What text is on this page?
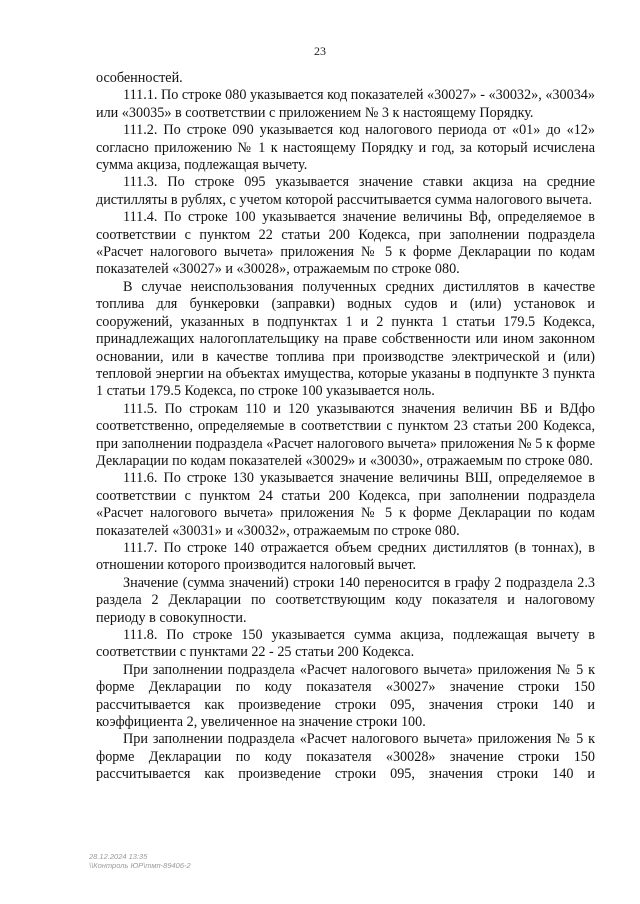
23

особенностей.

111.1. По строке 080 указывается код показателей «30027» - «30032», «30034» или «30035» в соответствии с приложением № 3 к настоящему Порядку.

111.2. По строке 090 указывается код налогового периода от «01» до «12» согласно приложению № 1 к настоящему Порядку и год, за который исчислена сумма акциза, подлежащая вычету.

111.3. По строке 095 указывается значение ставки акциза на средние дистилляты в рублях, с учетом которой рассчитывается сумма налогового вычета.

111.4. По строке 100 указывается значение величины Bф, определяемое в соответствии с пунктом 22 статьи 200 Кодекса, при заполнении подраздела «Расчет налогового вычета» приложения № 5 к форме Декларации по кодам показателей «30027» и «30028», отражаемым по строке 080.

В случае неиспользования полученных средних дистиллятов в качестве топлива для бункеровки (заправки) водных судов и (или) установок и сооружений, указанных в подпунктах 1 и 2 пункта 1 статьи 179.5 Кодекса, принадлежащих налогоплательщику на праве собственности или ином законном основании, или в качестве топлива при производстве электрической и (или) тепловой энергии на объектах имущества, которые указаны в подпункте 3 пункта 1 статьи 179.5 Кодекса, по строке 100 указывается ноль.

111.5. По строкам 110 и 120 указываются значения величин BБ и BДфо соответственно, определяемые в соответствии с пунктом 23 статьи 200 Кодекса, при заполнении подраздела «Расчет налогового вычета» приложения № 5 к форме Декларации по кодам показателей «30029» и «30030», отражаемым по строке 080.

111.6. По строке 130 указывается значение величины BШ, определяемое в соответствии с пунктом 24 статьи 200 Кодекса, при заполнении подраздела «Расчет налогового вычета» приложения № 5 к форме Декларации по кодам показателей «30031» и «30032», отражаемым по строке 080.

111.7. По строке 140 отражается объем средних дистиллятов (в тоннах), в отношении которого производится налоговый вычет.

Значение (сумма значений) строки 140 переносится в графу 2 подраздела 2.3 раздела 2 Декларации по соответствующим коду показателя и налоговому периоду в совокупности.

111.8. По строке 150 указывается сумма акциза, подлежащая вычету в соответствии с пунктами 22 - 25 статьи 200 Кодекса.

При заполнении подраздела «Расчет налогового вычета» приложения № 5 к форме Декларации по коду показателя «30027» значение строки 150 рассчитывается как произведение строки 095, значения строки 140 и коэффициента 2, увеличенное на значение строки 100.

При заполнении подраздела «Расчет налогового вычета» приложения № 5 к форме Декларации по коду показателя «30028» значение строки 150 рассчитывается как произведение строки 095, значения строки 140 и

28.12.2024 13:35
\\Контроль ЮР\тмп-89406-2
